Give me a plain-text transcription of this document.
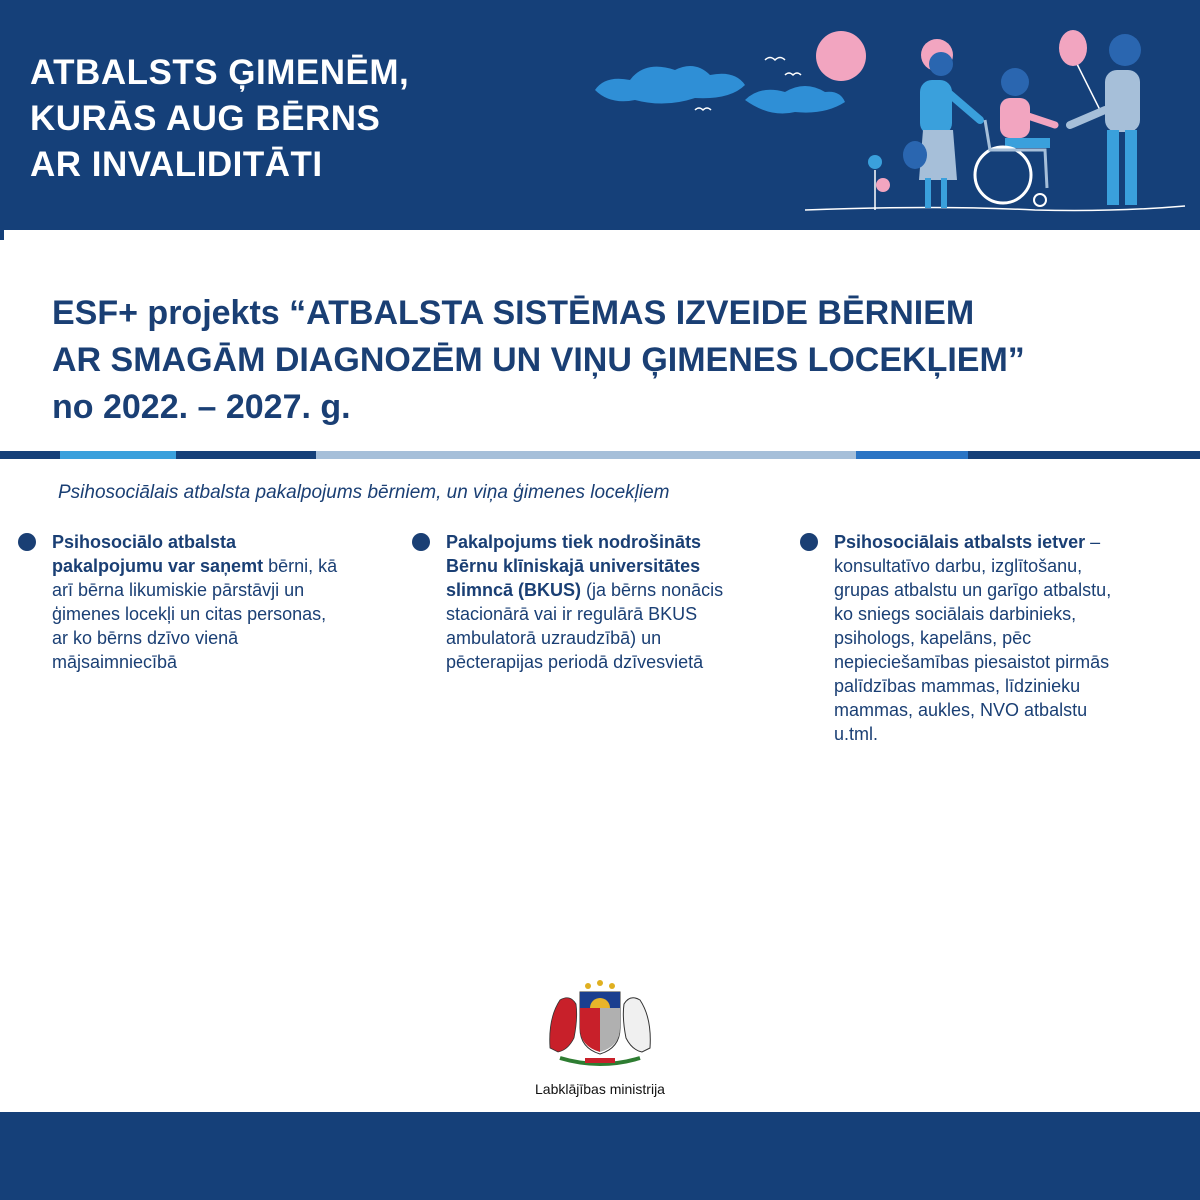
ATBALSTS ĢIMENĒM,
KURĀS AUG BĒRNS
AR INVALIDITĀTI
ESF+ projekts “ATBALSTA SISTĒMAS IZVEIDE BĒRNIEM
AR SMAGĀM DIAGNOZĒM UN VIŅU ĢIMENES LOCEKĻIEM”
no 2022. – 2027. g.
Psihosociālais atbalsta pakalpojums bērniem, un viņa ģimenes locekļiem
Psihosociālo atbalsta
pakalpojumu var saņemt bērni, kā
arī bērna likumiskie pārstāvji un
ģimenes locekļi un citas personas,
ar ko bērns dzīvo vienā
mājsaimniecībā
Pakalpojums tiek nodrošināts
Bērnu klīniskajā universitātes
slimncā (BKUS) (ja bērns nonācis
stacionārā vai ir regulārā BKUS
ambulatorā uzraudzībā) un
pēcterapijas periodā dzīvesvietā
Psihosociālais atbalsts ietver –
konsultatīvo darbu, izglītošanu,
grupas atbalstu un garīgo atbalstu,
ko sniegs sociālais darbinieks,
psihologs, kapelāns, pēc
nepieciešamības piesaistot pirmās
palīdzības mammas, līdzinieku
mammas, aukles, NVO atbalstu
u.tml.
Labklājības ministrija
